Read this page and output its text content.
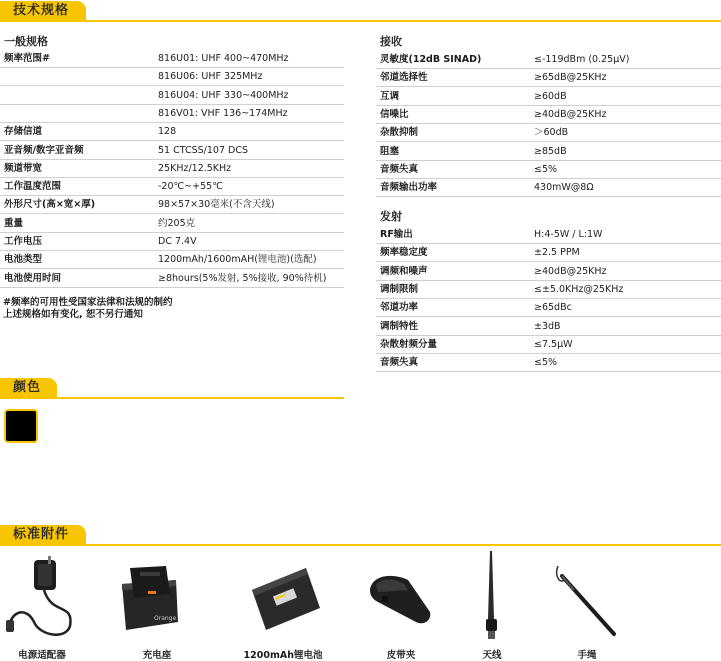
技术规格
一般规格
频率范围#	816U01: UHF 400~470MHz
816U06: UHF 325MHz
816U04: UHF 330~400MHz
816V01: VHF 136~174MHz
存储信道	128
亚音频/数字亚音频	51 CTCSS/107 DCS
频道带宽	25KHz/12.5KHz
工作温度范围	-20℃~+55℃
外形尺寸(高×宽×厚)	98×57×30毫米(不含天线)
重量	约205克
工作电压	DC 7.4V
电池类型	1200mAh/1600mAH(锂电池)(选配)
电池使用时间	≥8hours(5%发射, 5%接收, 90%待机)
#频率的可用性受国家法律和法规的制约
上述规格如有变化, 恕不另行通知
接收
灵敏度(12dB SINAD)	≤-119dBm (0.25μV)
邻道选择性	≥65dB@25KHz
互调	≥60dB
信噪比	≥40dB@25KHz
杂散抑制	＞60dB
阻塞	≥85dB
音频失真	≤5%
音频输出功率	430mW@8Ω
发射
RF输出	H:4-5W / L:1W
频率稳定度	±2.5 PPM
调频和噪声	≥40dB@25KHz
调制限制	≤±5.0KHz@25KHz
邻道功率	≥65dBc
调制特性	±3dB
杂散射频分量	≤7.5μW
音频失真	≤5%
颜色
标准附件
Orange
电源适配器	充电座	1200mAh锂电池	皮带夹	天线	手绳
